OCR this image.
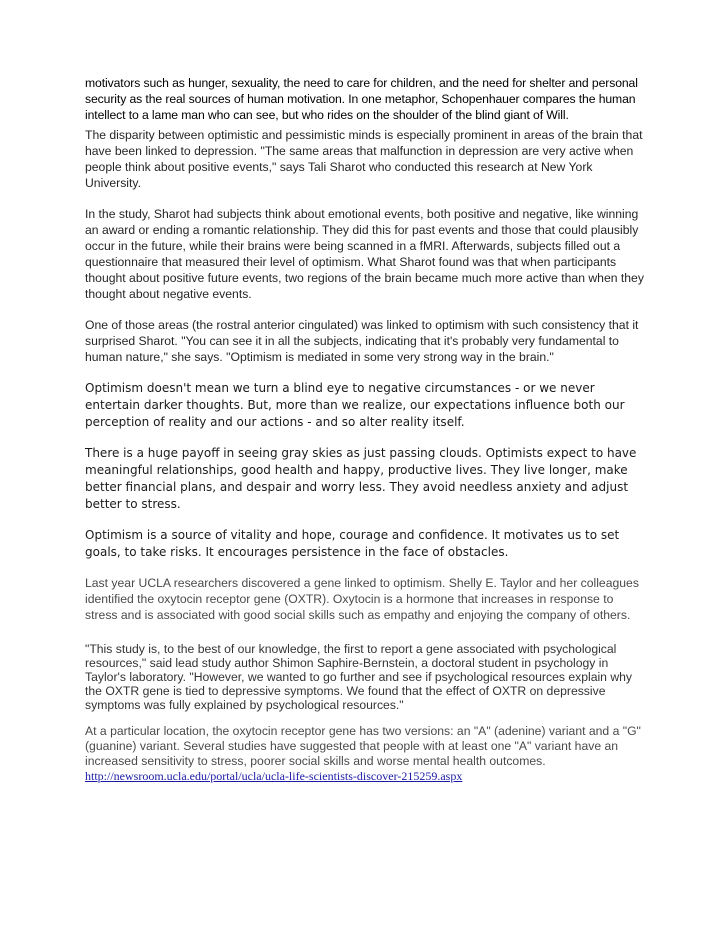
motivators such as hunger, sexuality, the need to care for children, and the need for shelter and personal security as the real sources of human motivation. In one metaphor, Schopenhauer compares the human intellect to a lame man who can see, but who rides on the shoulder of the blind giant of Will.

The disparity between optimistic and pessimistic minds is especially prominent in areas of the brain that have been linked to depression. "The same areas that malfunction in depression are very active when people think about positive events," says Tali Sharot who conducted this research at New York University.

In the study, Sharot had subjects think about emotional events, both positive and negative, like winning an award or ending a romantic relationship. They did this for past events and those that could plausibly occur in the future, while their brains were being scanned in a fMRI. Afterwards, subjects filled out a questionnaire that measured their level of optimism. What Sharot found was that when participants thought about positive future events, two regions of the brain became much more active than when they thought about negative events.

One of those areas (the rostral anterior cingulated) was linked to optimism with such consistency that it surprised Sharot. "You can see it in all the subjects, indicating that it's probably very fundamental to human nature," she says. "Optimism is mediated in some very strong way in the brain."

Optimism doesn't mean we turn a blind eye to negative circumstances - or we never entertain darker thoughts. But, more than we realize, our expectations influence both our perception of reality and our actions - and so alter reality itself.

There is a huge payoff in seeing gray skies as just passing clouds. Optimists expect to have meaningful relationships, good health and happy, productive lives. They live longer, make better financial plans, and despair and worry less. They avoid needless anxiety and adjust better to stress.

Optimism is a source of vitality and hope, courage and confidence. It motivates us to set goals, to take risks. It encourages persistence in the face of obstacles.

Last year UCLA researchers discovered a gene linked to optimism. Shelly E. Taylor and her colleagues identified the oxytocin receptor gene (OXTR). Oxytocin is a hormone that increases in response to stress and is associated with good social skills such as empathy and enjoying the company of others.

"This study is, to the best of our knowledge, the first to report a gene associated with psychological resources," said lead study author Shimon Saphire-Bernstein, a doctoral student in psychology in Taylor's laboratory. "However, we wanted to go further and see if psychological resources explain why the OXTR gene is tied to depressive symptoms. We found that the effect of OXTR on depressive symptoms was fully explained by psychological resources."

At a particular location, the oxytocin receptor gene has two versions: an "A" (adenine) variant and a "G" (guanine) variant. Several studies have suggested that people with at least one "A" variant have an increased sensitivity to stress, poorer social skills and worse mental health outcomes.

http://newsroom.ucla.edu/portal/ucla/ucla-life-scientists-discover-215259.aspx
